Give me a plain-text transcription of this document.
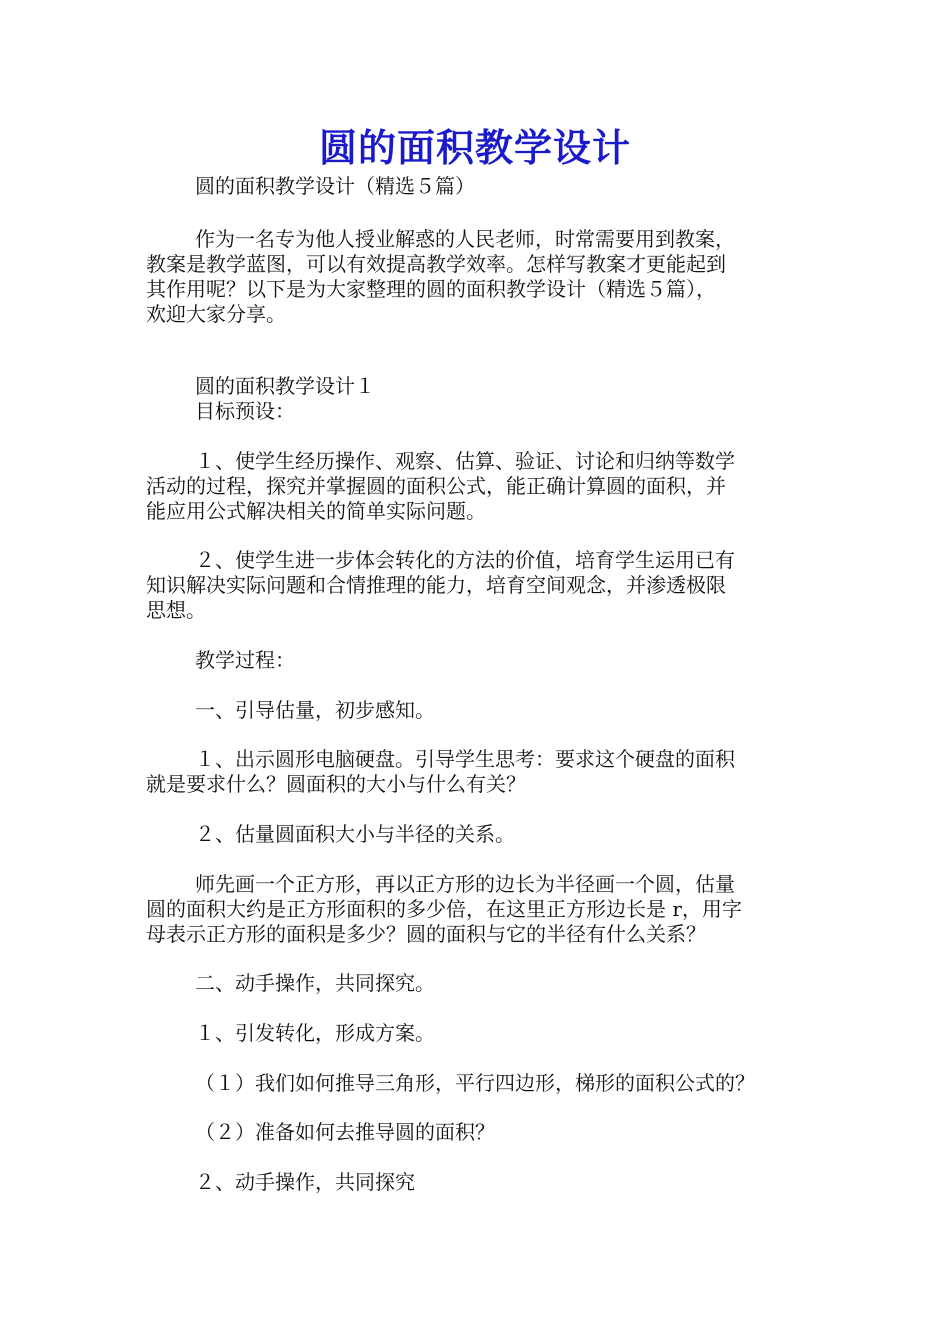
圆的面积教学设计
圆的面积教学设计（精选５篇）
作为一名专为他人授业解惑的人民老师，时常需要用到教案，
教案是教学蓝图，可以有效提高教学效率。怎样写教案才更能起到
其作用呢？以下是为大家整理的圆的面积教学设计（精选５篇），
欢迎大家分享。
圆的面积教学设计１
目标预设：
１、使学生经历操作、观察、估算、验证、讨论和归纳等数学
活动的过程，探究并掌握圆的面积公式，能正确计算圆的面积，并
能应用公式解决相关的简单实际问题。
２、使学生进一步体会转化的方法的价值，培育学生运用已有
知识解决实际问题和合情推理的能力，培育空间观念，并渗透极限
思想。
教学过程：
一、引导估量，初步感知。
１、出示圆形电脑硬盘。引导学生思考：要求这个硬盘的面积
就是要求什么？圆面积的大小与什么有关？
２、估量圆面积大小与半径的关系。
师先画一个正方形，再以正方形的边长为半径画一个圆，估量
圆的面积大约是正方形面积的多少倍，在这里正方形边长是 r，用字
母表示正方形的面积是多少？圆的面积与它的半径有什么关系？
二、动手操作，共同探究。
１、引发转化，形成方案。
（１）我们如何推导三角形，平行四边形，梯形的面积公式的？
（２）准备如何去推导圆的面积？
２、动手操作，共同探究
